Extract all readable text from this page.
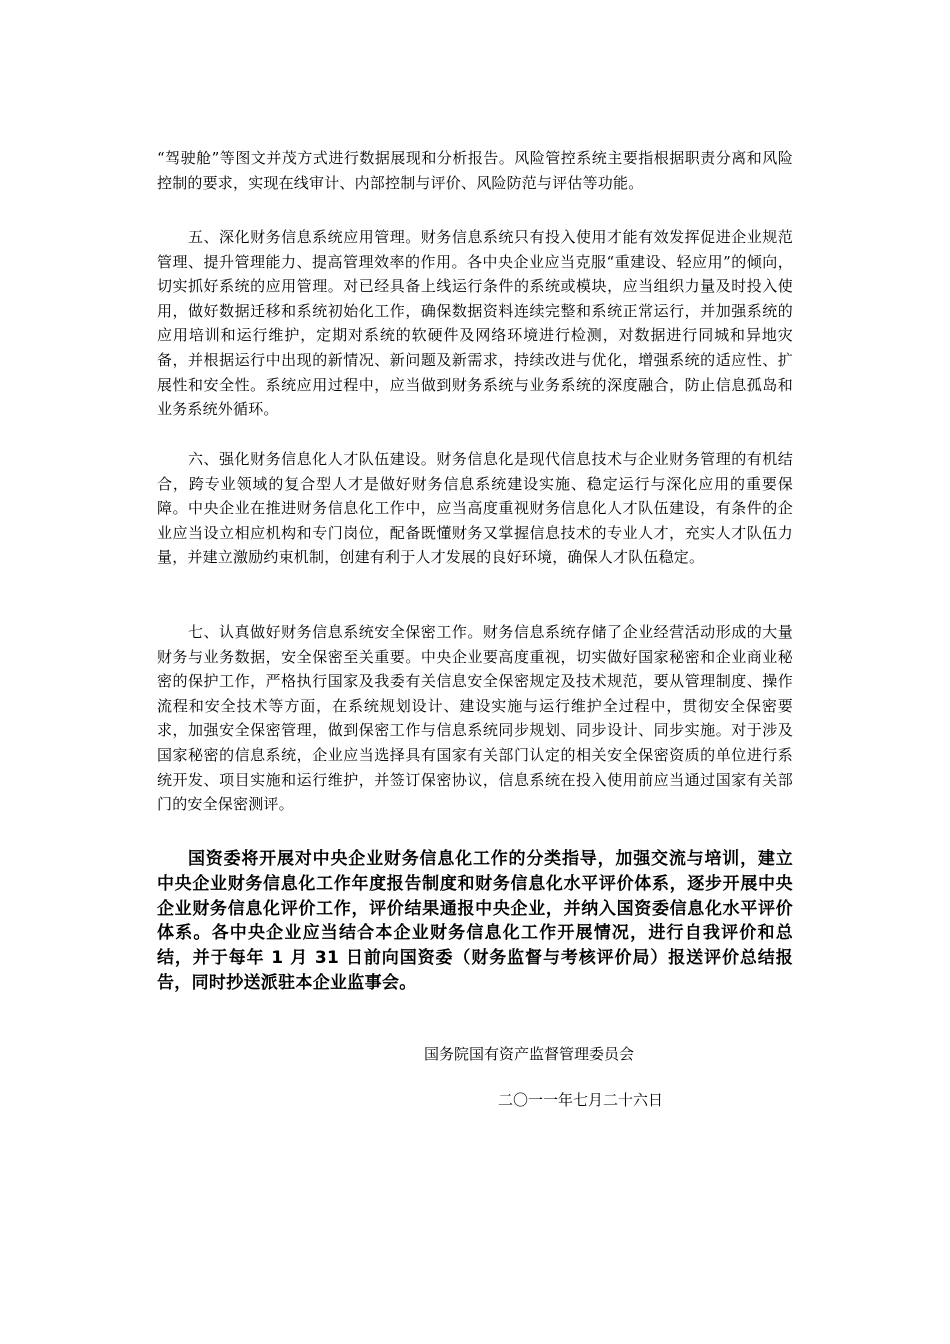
“驾驶舱”等图文并茂方式进行数据展现和分析报告。风险管控系统主要指根据职责分离和风险控制的要求，实现在线审计、内部控制与评价、风险防范与评估等功能。

五、深化财务信息系统应用管理。财务信息系统只有投入使用才能有效发挥促进企业规范管理、提升管理能力、提高管理效率的作用。各中央企业应当克服“重建设、轻应用”的倾向，切实抓好系统的应用管理。对已经具备上线运行条件的系统或模块，应当组织力量及时投入使用，做好数据迁移和系统初始化工作，确保数据资料连续完整和系统正常运行，并加强系统的应用培训和运行维护，定期对系统的软硬件及网络环境进行检测，对数据进行同城和异地灾备，并根据运行中出现的新情况、新问题及新需求，持续改进与优化，增强系统的适应性、扩展性和安全性。系统应用过程中，应当做到财务系统与业务系统的深度融合，防止信息孤岛和业务系统外循环。

六、强化财务信息化人才队伍建设。财务信息化是现代信息技术与企业财务管理的有机结合，跨专业领域的复合型人才是做好财务信息系统建设实施、稳定运行与深化应用的重要保障。中央企业在推进财务信息化工作中，应当高度重视财务信息化人才队伍建设，有条件的企业应当设立相应机构和专门岗位，配备既懂财务又掌握信息技术的专业人才，充实人才队伍力量，并建立激励约束机制，创建有利于人才发展的良好环境，确保人才队伍稳定。

七、认真做好财务信息系统安全保密工作。财务信息系统存储了企业经营活动形成的大量财务与业务数据，安全保密至关重要。中央企业要高度重视，切实做好国家秘密和企业商业秘密的保护工作，严格执行国家及我委有关信息安全保密规定及技术规范，要从管理制度、操作流程和安全技术等方面，在系统规划设计、建设实施与运行维护全过程中，贯彻安全保密要求，加强安全保密管理，做到保密工作与信息系统同步规划、同步设计、同步实施。对于涉及国家秘密的信息系统，企业应当选择具有国家有关部门认定的相关安全保密资质的单位进行系统开发、项目实施和运行维护，并签订保密协议，信息系统在投入使用前应当通过国家有关部门的安全保密测评。

国资委将开展对中央企业财务信息化工作的分类指导，加强交流与培训，建立中央企业财务信息化工作年度报告制度和财务信息化水平评价体系，逐步开展中央企业财务信息化评价工作，评价结果通报中央企业，并纳入国资委信息化水平评价体系。各中央企业应当结合本企业财务信息化工作开展情况，进行自我评价和总结，并于每年 1 月 31 日前向国资委（财务监督与考核评价局）报送评价总结报告，同时抄送派驻本企业监事会。

国务院国有资产监督管理委员会

二〇一一年七月二十六日
